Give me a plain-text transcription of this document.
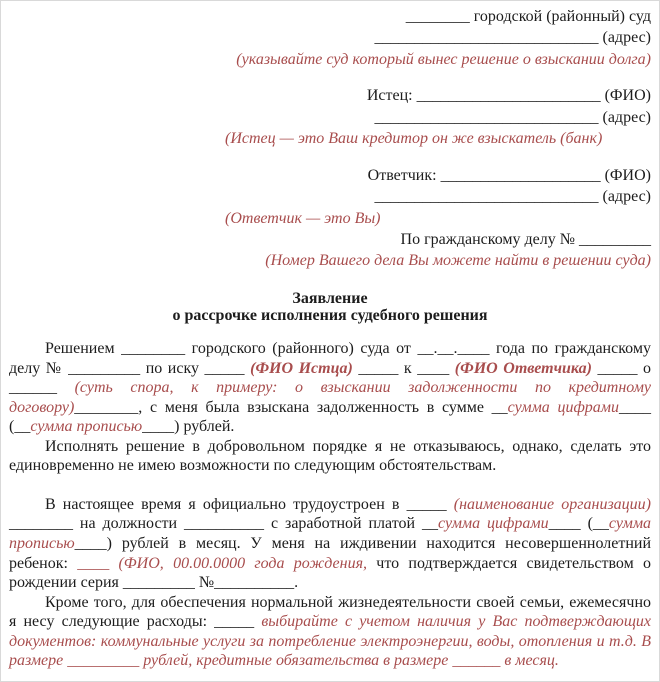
________ городской (районный) суд
____________________________ (адрес)
(указывайте суд который вынес решение о взыскании долга)
Истец: _______________________ (ФИО)
____________________________ (адрес)
(Истец — это Ваш кредитор он же взыскатель (банк)
Ответчик: ____________________ (ФИО)
____________________________ (адрес)
(Ответчик — это Вы)
По гражданскому делу № _________
(Номер Вашего дела Вы можете найти в решении суда)
Заявление
о рассрочке исполнения судебного решения

Решением ________ городского (районного) суда от __.__.____ года по гражданскому делу № _________ по иску _____ (ФИО Истца) _____ к ____ (ФИО Ответчика) _____ о ______ (суть спора, к примеру: о взыскании задолженности по кредитному договору)________, с меня была взыскана задолженность в сумме __сумма цифрами____ (__сумма прописью____) рублей.

Исполнять решение в добровольном порядке я не отказываюсь, однако, сделать это единовременно не имею возможности по следующим обстоятельствам.

В настоящее время я официально трудоустроен в _____ (наименование организации) ________ на должности __________ с заработной платой __сумма цифрами____ (__сумма прописью____) рублей в месяц. У меня на иждивении находится несовершеннолетний ребенок: ____ (ФИО, 00.00.0000 года рождения, что подтверждается свидетельством о рождении серия _________ №__________.

Кроме того, для обеспечения нормальной жизнедеятельности своей семьи, ежемесячно я несу следующие расходы: _____ выбирайте с учетом наличия у Вас подтверждающих документов: коммунальные услуги за потребление электроэнергии, воды, отопления и т.д. В размере _________ рублей, кредитные обязательства в размере ______ в месяц.
